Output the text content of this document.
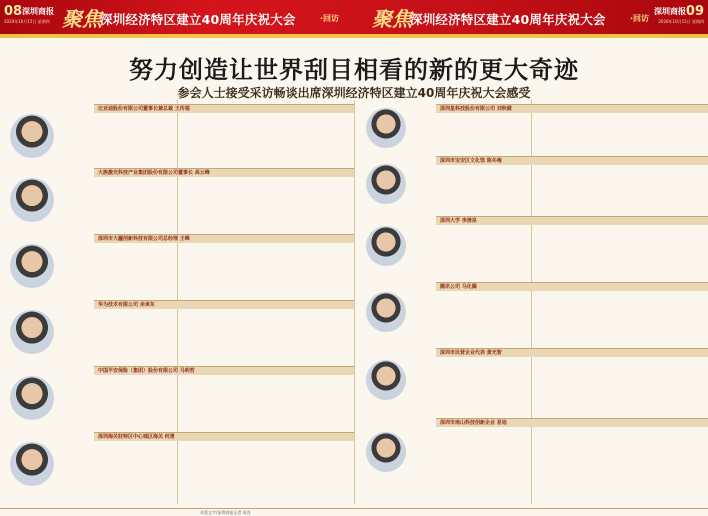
08 深圳商报
2020年10月15日 星期四 聚焦
深圳经济特区建立40周年庆祝大会	·回访 聚焦
深圳经济特区建立40周年庆祝大会	·回访
深圳商报
2020年10月15日 星期四
09
努力创造让世界刮目相看的新的更大奇迹
参会人士接受采访畅谈出席深圳经济特区建立40周年庆祝大会感受
比亚迪股份有限公司董事长兼总裁 王传福
大族激光科技产业集团股份有限公司董事长 高云峰
深圳市大疆创新科技有限公司总经理 王峰
华为技术有限公司 余承东
中国平安保险（集团）股份有限公司 马明哲
深圳海关驻特区中心城区海关 何勇
深圳星科技股份有限公司 刘秋健
深圳市宝安区文化馆 陈冬梅
深圳大学 李清泉
腾讯公司 马化腾
深圳市民营企业代表 黄光智
深圳市南山科技创新企业 易旭
本版文字/深圳商报记者 周良
